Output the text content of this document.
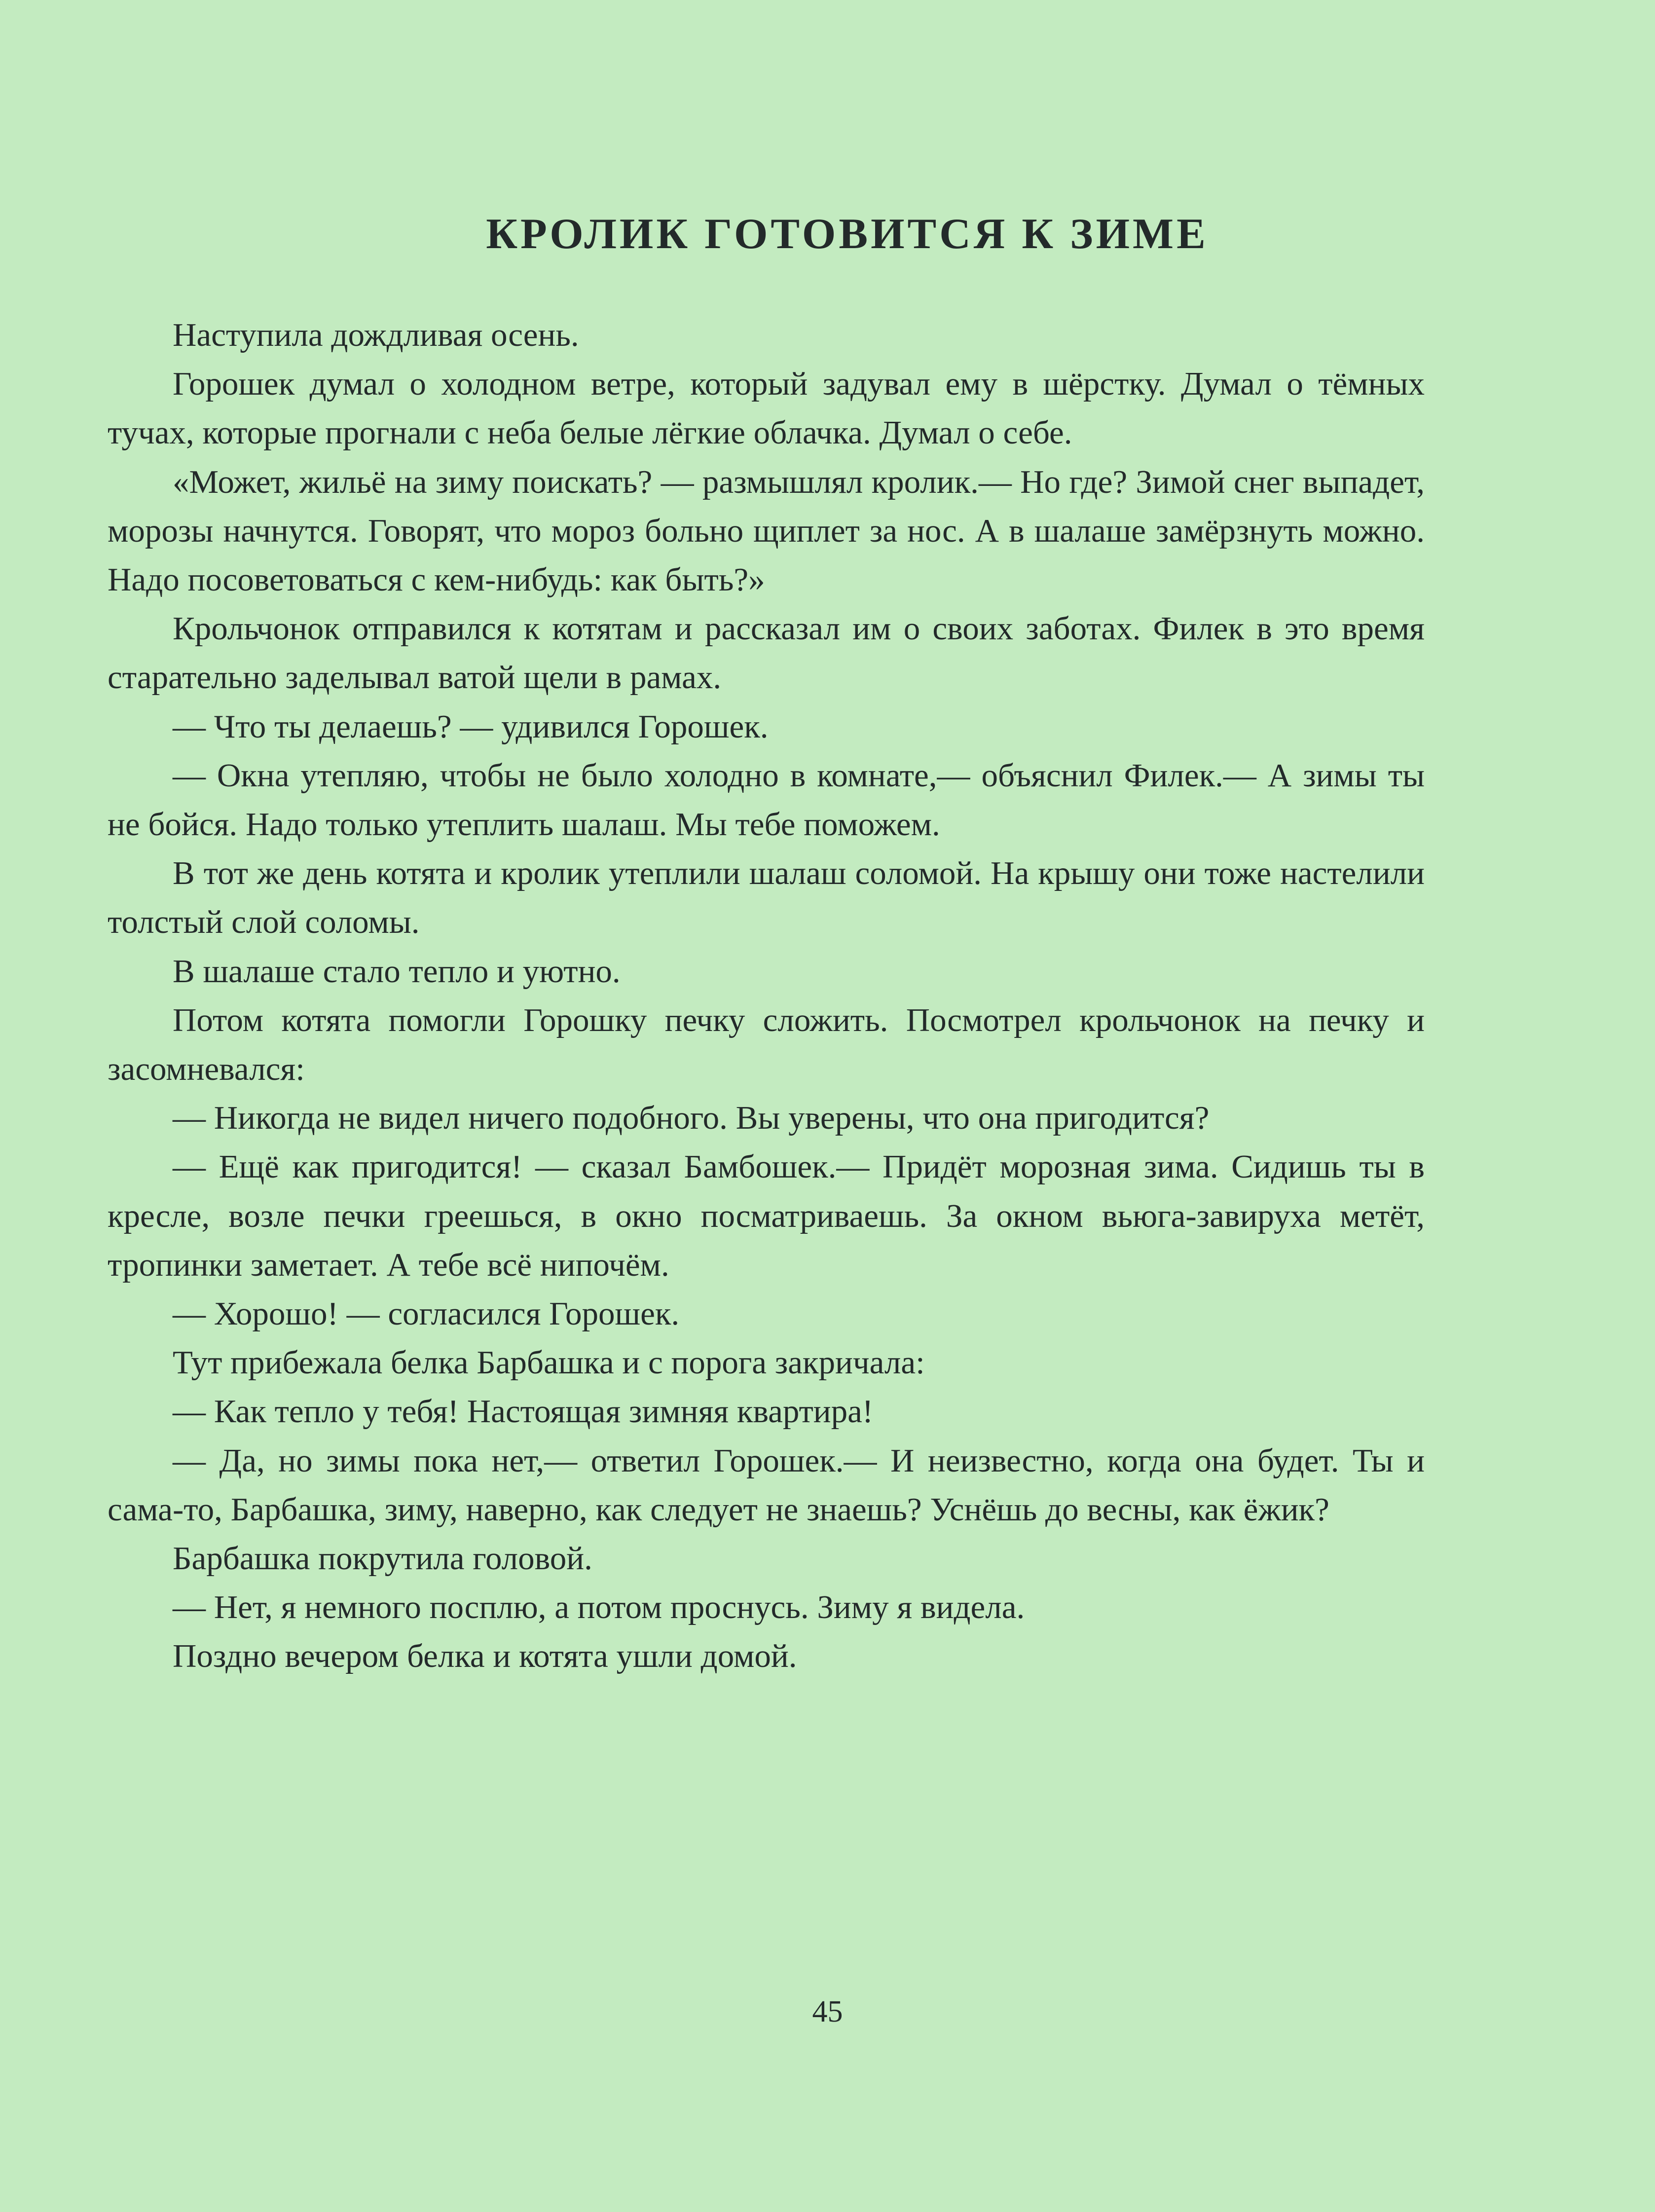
КРОЛИК ГОТОВИТСЯ К ЗИМЕ

Наступила дождливая осень.

Горошек думал о холодном ветре, который задувал ему в шёрстку. Думал о тёмных тучах, которые прогнали с неба белые лёгкие облачка. Думал о себе.

«Может, жильё на зиму поискать? — размышлял кролик.— Но где? Зимой снег выпадет, морозы начнутся. Говорят, что мороз больно щиплет за нос. А в шалаше замёрзнуть можно. Надо посоветоваться с кем-нибудь: как быть?»

Крольчонок отправился к котятам и рассказал им о своих заботах. Филек в это время старательно заделывал ватой щели в рамах.

— Что ты делаешь? — удивился Горошек.

— Окна утепляю, чтобы не было холодно в комнате,— объяснил Филек.— А зимы ты не бойся. Надо только утеплить шалаш. Мы тебе поможем.

В тот же день котята и кролик утеплили шалаш соломой. На крышу они тоже настелили толстый слой соломы.

В шалаше стало тепло и уютно.

Потом котята помогли Горошку печку сложить. Посмотрел крольчонок на печку и засомневался:

— Никогда не видел ничего подобного. Вы уверены, что она пригодится?

— Ещё как пригодится! — сказал Бамбошек.— Придёт морозная зима. Сидишь ты в кресле, возле печки греешься, в окно посматриваешь. За окном вьюга-завируха метёт, тропинки заметает. А тебе всё нипочём.

— Хорошо! — согласился Горошек.

Тут прибежала белка Барбашка и с порога закричала:

— Как тепло у тебя! Настоящая зимняя квартира!

— Да, но зимы пока нет,— ответил Горошек.— И неизвестно, когда она будет. Ты и сама-то, Барбашка, зиму, наверно, как следует не знаешь? Уснёшь до весны, как ёжик?

Барбашка покрутила головой.

— Нет, я немного посплю, а потом проснусь. Зиму я видела.

Поздно вечером белка и котята ушли домой.

45
